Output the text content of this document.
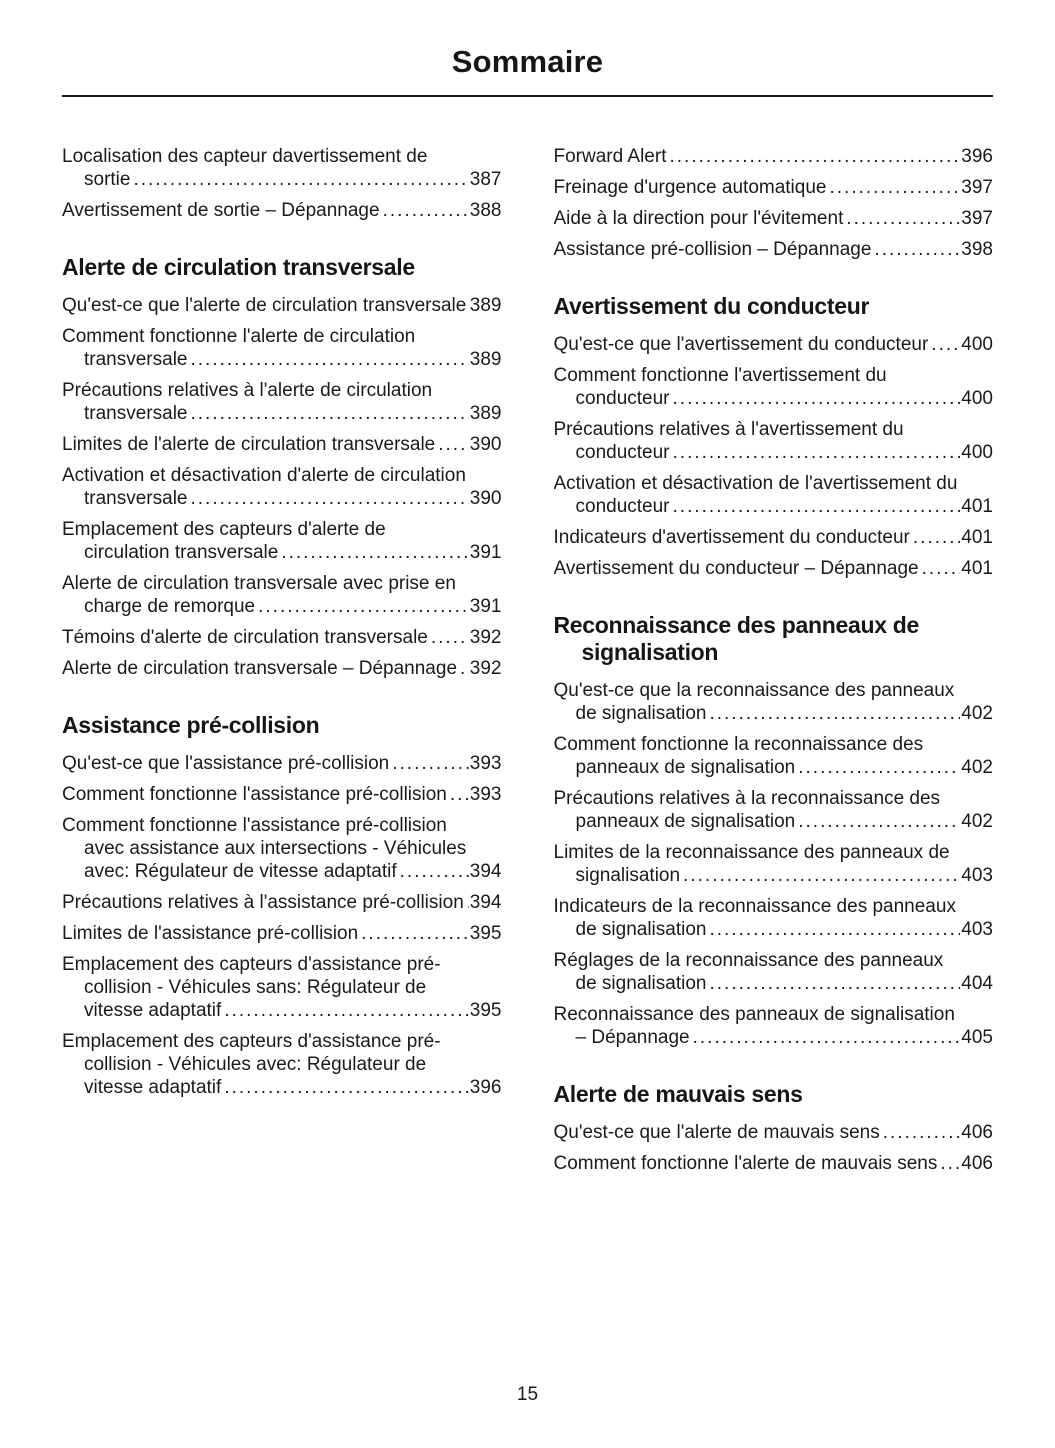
Sommaire
Localisation des capteur davertissement de sortie	387
Avertissement de sortie – Dépannage	388
Alerte de circulation transversale
Qu'est-ce que l'alerte de circulation transversale 389
Comment fonctionne l'alerte de circulation transversale	389
Précautions relatives à l'alerte de circulation transversale	389
Limites de l'alerte de circulation transversale	390
Activation et désactivation d'alerte de circulation transversale	390
Emplacement des capteurs d'alerte de circulation transversale	391
Alerte de circulation transversale avec prise en charge de remorque	391
Témoins d'alerte de circulation transversale	392
Alerte de circulation transversale – Dépannage 392
Assistance pré-collision
Qu'est-ce que l'assistance pré-collision	393
Comment fonctionne l'assistance pré-collision	393
Comment fonctionne l'assistance pré-collision avec assistance aux intersections - Véhicules avec: Régulateur de vitesse adaptatif	394
Précautions relatives à l'assistance pré-collision 394
Limites de l'assistance pré-collision	395
Emplacement des capteurs d'assistance pré-collision - Véhicules sans: Régulateur de vitesse adaptatif	395
Emplacement des capteurs d'assistance pré-collision - Véhicules avec: Régulateur de vitesse adaptatif	396
Forward Alert	396
Freinage d'urgence automatique	397
Aide à la direction pour l'évitement	397
Assistance pré-collision – Dépannage	398
Avertissement du conducteur
Qu'est-ce que l'avertissement du conducteur	400
Comment fonctionne l'avertissement du conducteur	400
Précautions relatives à l'avertissement du conducteur	400
Activation et désactivation de l'avertissement du conducteur	401
Indicateurs d'avertissement du conducteur	401
Avertissement du conducteur – Dépannage	401
Reconnaissance des panneaux de signalisation
Qu'est-ce que la reconnaissance des panneaux de signalisation	402
Comment fonctionne la reconnaissance des panneaux de signalisation	402
Précautions relatives à la reconnaissance des panneaux de signalisation	402
Limites de la reconnaissance des panneaux de signalisation	403
Indicateurs de la reconnaissance des panneaux de signalisation	403
Réglages de la reconnaissance des panneaux de signalisation	404
Reconnaissance des panneaux de signalisation – Dépannage	405
Alerte de mauvais sens
Qu'est-ce que l'alerte de mauvais sens	406
Comment fonctionne l'alerte de mauvais sens	406
15
